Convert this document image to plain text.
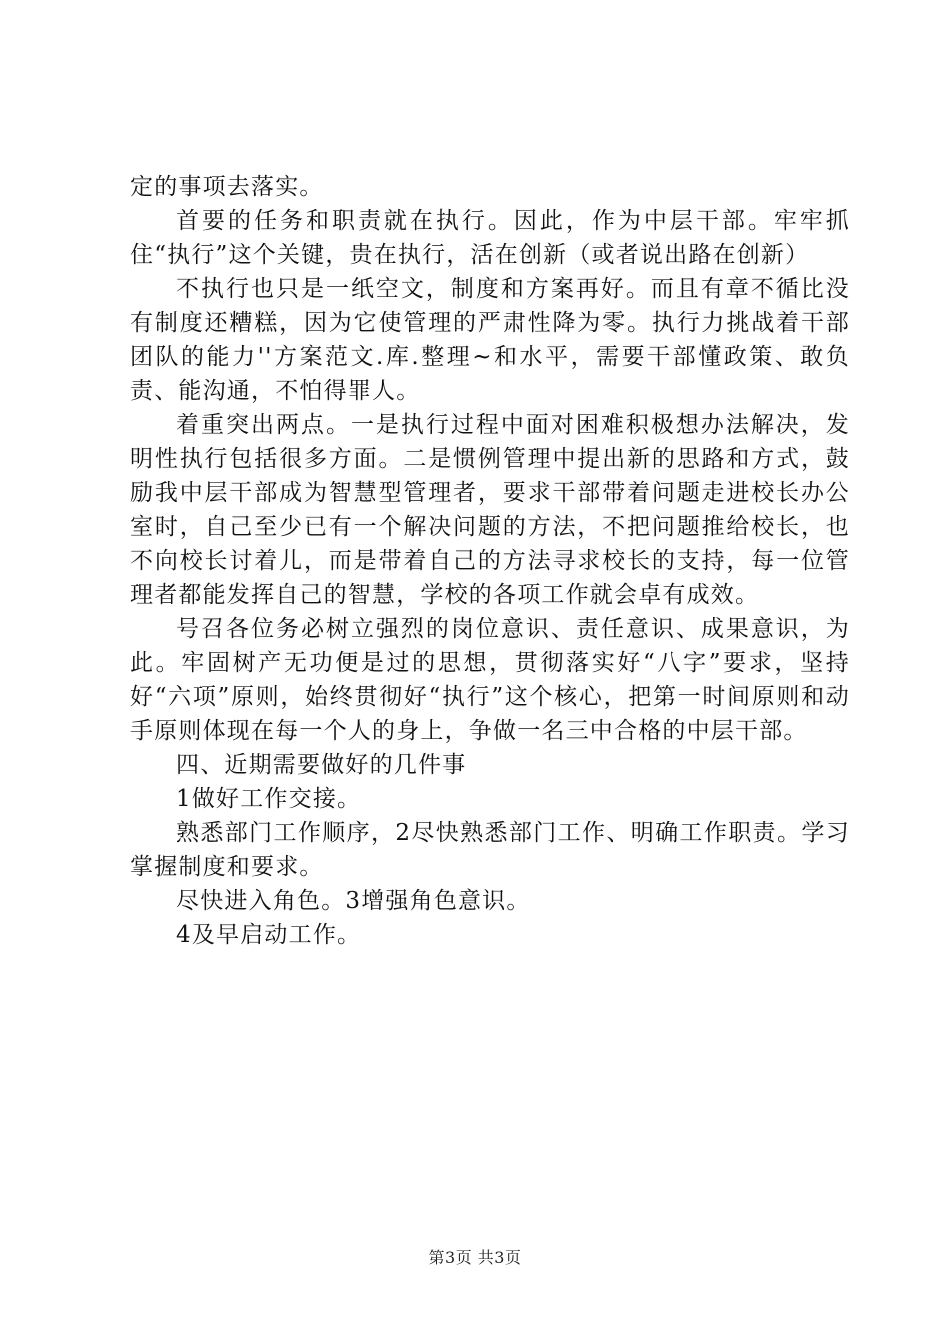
定的事项去落实。

首要的任务和职责就在执行。因此，作为中层干部。牢牢抓住“执行”这个关键，贵在执行，活在创新（或者说出路在创新）

不执行也只是一纸空文，制度和方案再好。而且有章不循比没有制度还糟糕，因为它使管理的严肃性降为零。执行力挑战着干部团队的能力''方案范文.库.整理~和水平，需要干部懂政策、敢负责、能沟通，不怕得罪人。

着重突出两点。一是执行过程中面对困难积极想办法解决，发明性执行包括很多方面。二是惯例管理中提出新的思路和方式，鼓励我中层干部成为智慧型管理者，要求干部带着问题走进校长办公室时，自己至少已有一个解决问题的方法，不把问题推给校长，也不向校长讨着儿，而是带着自己的方法寻求校长的支持，每一位管理者都能发挥自己的智慧，学校的各项工作就会卓有成效。

号召各位务必树立强烈的岗位意识、责任意识、成果意识，为此。牢固树产无功便是过的思想，贯彻落实好“八字”要求，坚持好“六项”原则，始终贯彻好“执行”这个核心，把第一时间原则和动手原则体现在每一个人的身上，争做一名三中合格的中层干部。

四、近期需要做好的几件事

1做好工作交接。

熟悉部门工作顺序，2尽快熟悉部门工作、明确工作职责。学习掌握制度和要求。

尽快进入角色。3增强角色意识。

4及早启动工作。

第3页 共3页
